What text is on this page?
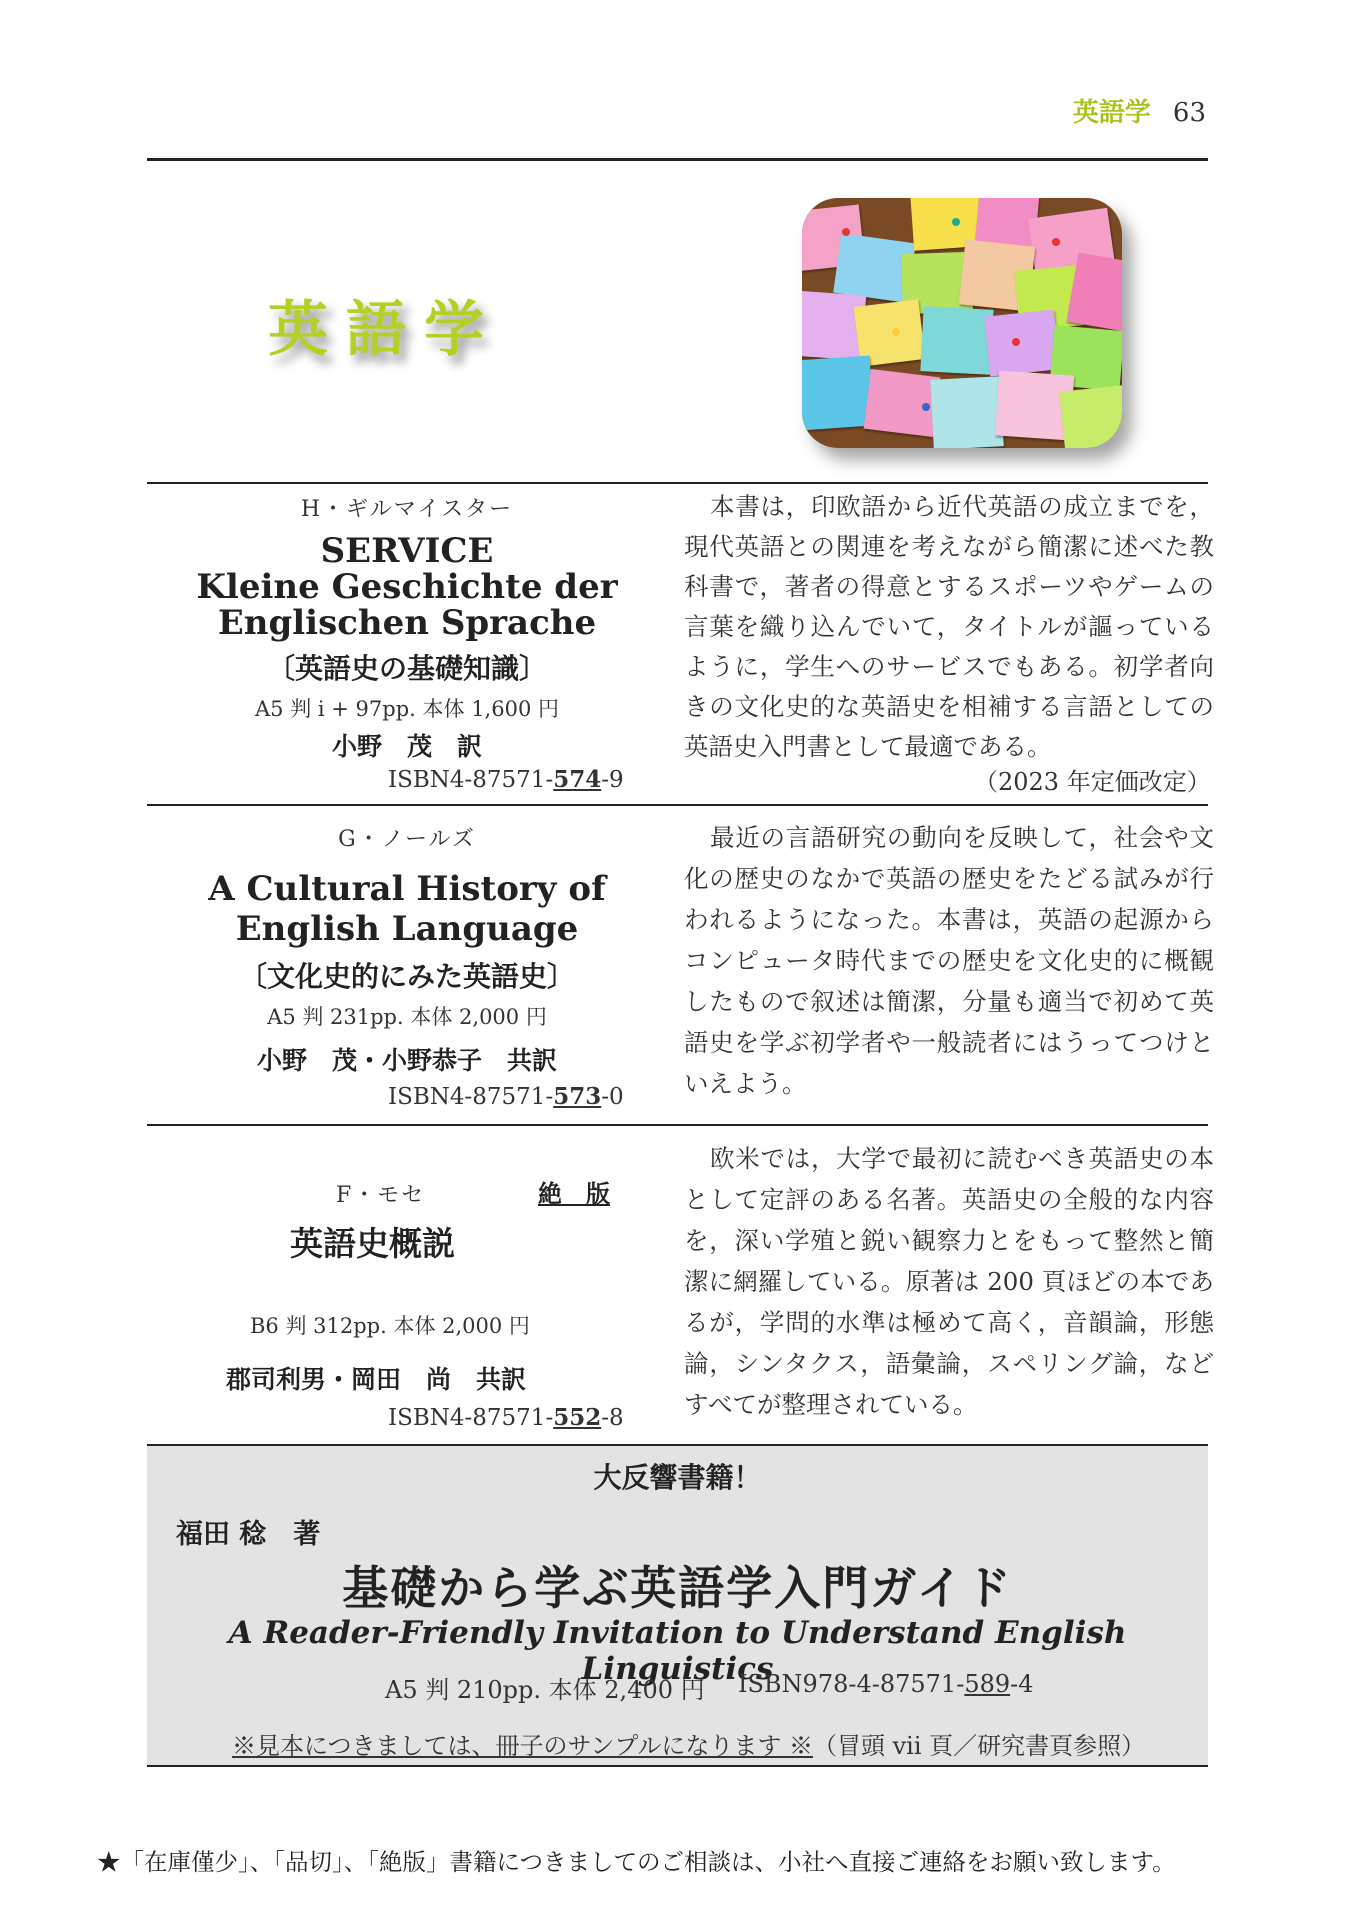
英語学 63
英語学
H・ギルマイスター
SERVICE
Kleine Geschichte der
Englischen Sprache
〔英語史の基礎知識〕
A5 判 i + 97pp. 本体 1,600 円
小野　茂　訳
ISBN4-87571-574-9
本書は，印欧語から近代英語の成立までを，現代英語との関連を考えながら簡潔に述べた教科書で，著者の得意とするスポーツやゲームの言葉を織り込んでいて，タイトルが謳っているように，学生へのサービスでもある。初学者向きの文化史的な英語史を相補する言語としての英語史入門書として最適である。
（2023 年定価改定）
G・ノールズ
A Cultural History of
English Language
〔文化史的にみた英語史〕
A5 判 231pp. 本体 2,000 円
小野　茂・小野恭子　共訳
ISBN4-87571-573-0
最近の言語研究の動向を反映して，社会や文化の歴史のなかで英語の歴史をたどる試みが行われるようになった。本書は，英語の起源からコンピュータ時代までの歴史を文化史的に概観したもので叙述は簡潔，分量も適当で初めて英語史を学ぶ初学者や一般読者にはうってつけといえよう。
F・モセ	絶　版
英語史概説
B6 判 312pp. 本体 2,000 円
郡司利男・岡田　尚　共訳
ISBN4-87571-552-8
欧米では，大学で最初に読むべき英語史の本として定評のある名著。英語史の全般的な内容を，深い学殖と鋭い観察力とをもって整然と簡潔に網羅している。原著は 200 頁ほどの本であるが，学問的水準は極めて高く，音韻論，形態論，シンタクス，語彙論，スペリング論，などすべてが整理されている。
大反響書籍！
福田 稔　著
基礎から学ぶ英語学入門ガイド
A Reader-Friendly Invitation to Understand English Linguistics
A5 判 210pp. 本体 2,400 円 ISBN978-4-87571-589-4
※見本につきましては、冊子のサンプルになります ※（冒頭 vii 頁／研究書頁参照）
★「在庫僅少」、「品切」、「絶版」書籍につきましてのご相談は、小社へ直接ご連絡をお願い致します。
